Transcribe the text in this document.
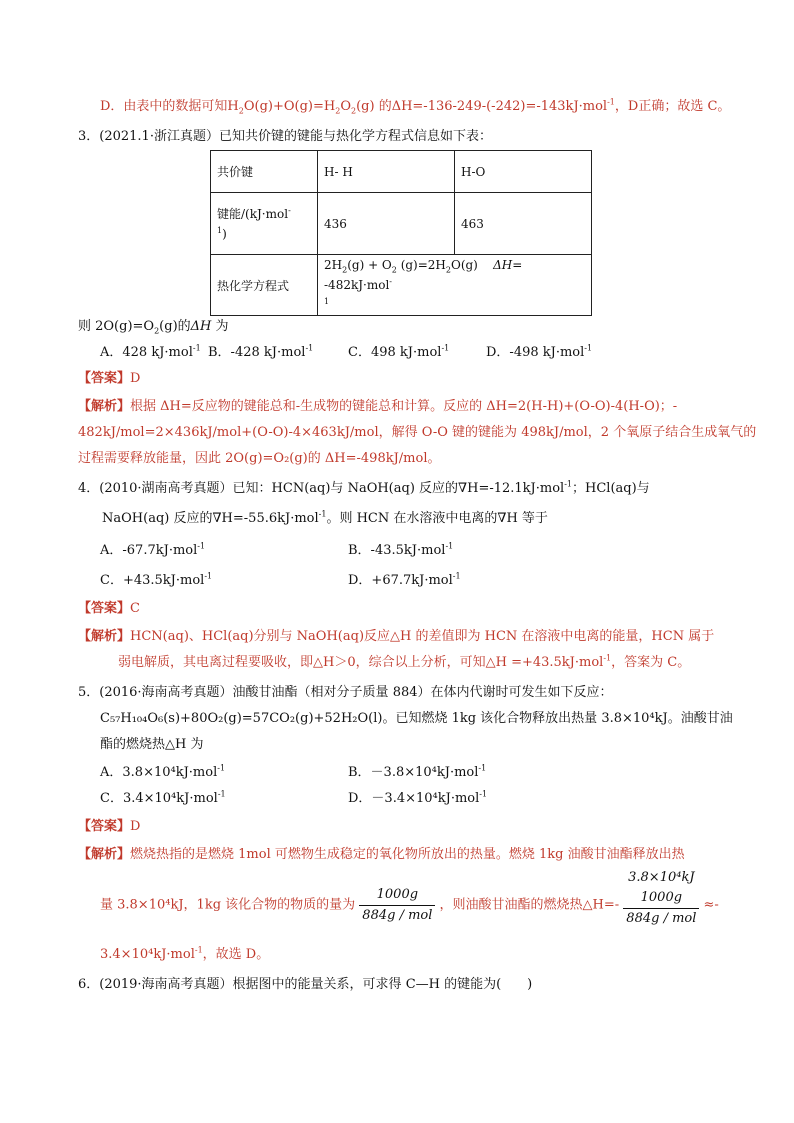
D．由表中的数据可知$H_2O(g)+O(g)=H_2O_2(g)$ 的ΔH=-136-249-(-242)=-143kJ·mol$^{-1}$，D正确；故选 C。
3．(2021.1·浙江真题）已知共价键的键能与热化学方程式信息如下表：
共价键	H- H	H-O
键能/(kJ·mol-
$^1$)	436	463
热化学方程式	$2H_2(g) + O_2$ $(g)=2H_2O(g)$ ΔH= -482kJ·mol-
$^1$
则 $2O(g)=O_2(g)$的ΔH 为
A．428 kJ·mol$^{-1}$ B．-428 kJ·mol$^{-1}$	C．498 kJ·mol$^{-1}$	D．-498 kJ·mol$^{-1}$
【答案】D
【解析】根据 ΔH=反应物的键能总和-生成物的键能总和计算。反应的 ΔH=2(H-H)+(O-O)-4(H-O)；-
482kJ/mol=2×436kJ/mol+(O-O)-4×463kJ/mol，解得 O-O 键的键能为 498kJ/mol，2 个氧原子结合生成氧气的
过程需要释放能量，因此 2O(g)=O₂(g)的 ΔH=-498kJ/mol。
4．(2010·湖南高考真题）已知：HCN(aq)与 NaOH(aq) 反应的∇H=-12.1kJ·mol$^{-1}$；HCl(aq)与
NaOH(aq) 反应的∇H=-55.6kJ·mol$^{-1}$。则 HCN 在水溶液中电离的∇H 等于
A．-67.7kJ·mol$^{-1}$	B．-43.5kJ·mol$^{-1}$
C．+43.5kJ·mol$^{-1}$	D．+67.7kJ·mol$^{-1}$
【答案】C
【解析】HCN(aq)、HCl(aq)分别与 NaOH(aq)反应△H 的差值即为 HCN 在溶液中电离的能量，HCN 属于
弱电解质，其电离过程要吸收，即△H＞0，综合以上分析，可知△H =+43.5kJ·mol$^{-1}$，答案为 C。
5．(2016·海南高考真题）油酸甘油酯（相对分子质量 884）在体内代谢时可发生如下反应：
C₅₇H₁₀₄O₆(s)+80O₂(g)=57CO₂(g)+52H₂O(l)。已知燃烧 1kg 该化合物释放出热量 3.8×10⁴kJ。油酸甘油
酯的燃烧热△H 为
A．3.8×10⁴kJ·mol$^{-1}$	B．－3.8×10⁴kJ·mol$^{-1}$
C．3.4×10⁴kJ·mol$^{-1}$	D．－3.4×10⁴kJ·mol$^{-1}$
【答案】D
【解析】燃烧热指的是燃烧 1mol 可燃物生成稳定的氧化物所放出的热量。燃烧 1kg 油酸甘油酯释放出热
量 3.8×10⁴kJ，1kg 该化合物的物质的量为 $\frac{1000g}{\text{884g / mol}}$ ，则油酸甘油酯的燃烧热△H=-
3.8×10⁴kJ
1000g
884g / mol
≈-
3.4×10⁴kJ·mol$^{-1}$，故选 D。
6．(2019·海南高考真题）根据图中的能量关系，可求得 C—H 的键能为(　　)
